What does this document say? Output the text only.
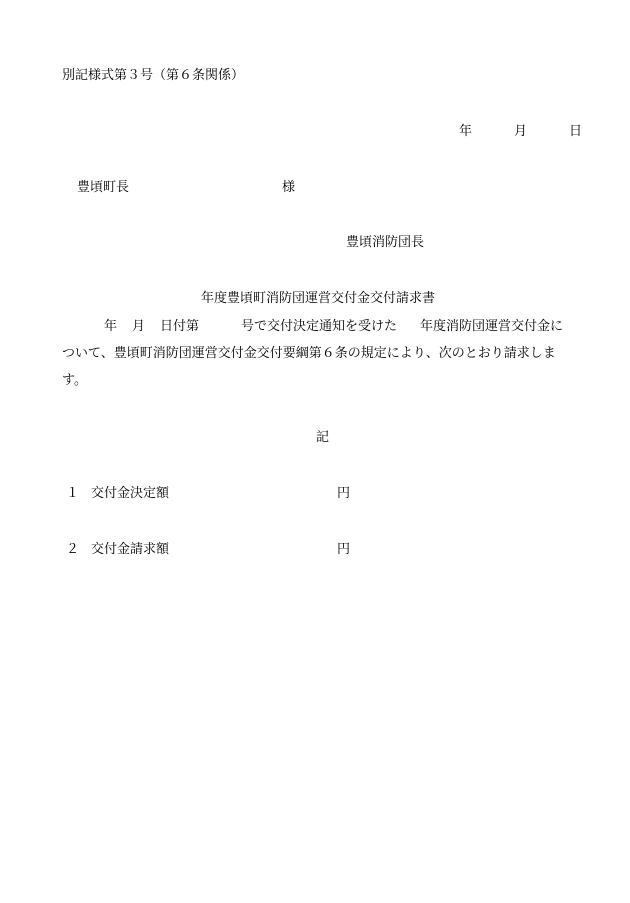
別記様式第３号（第６条関係）
年	月	日
豊頃町長	様
豊頃消防団長
年度豊頃町消防団運営交付金交付請求書
年 月 日付第	号で交付決定通知を受けた 年度消防団運営交付金に
ついて、豊頃町消防団運営交付金交付要綱第６条の規定により、次のとおり請求しま
す。
記
１ 交付金決定額	円
２ 交付金請求額	円
